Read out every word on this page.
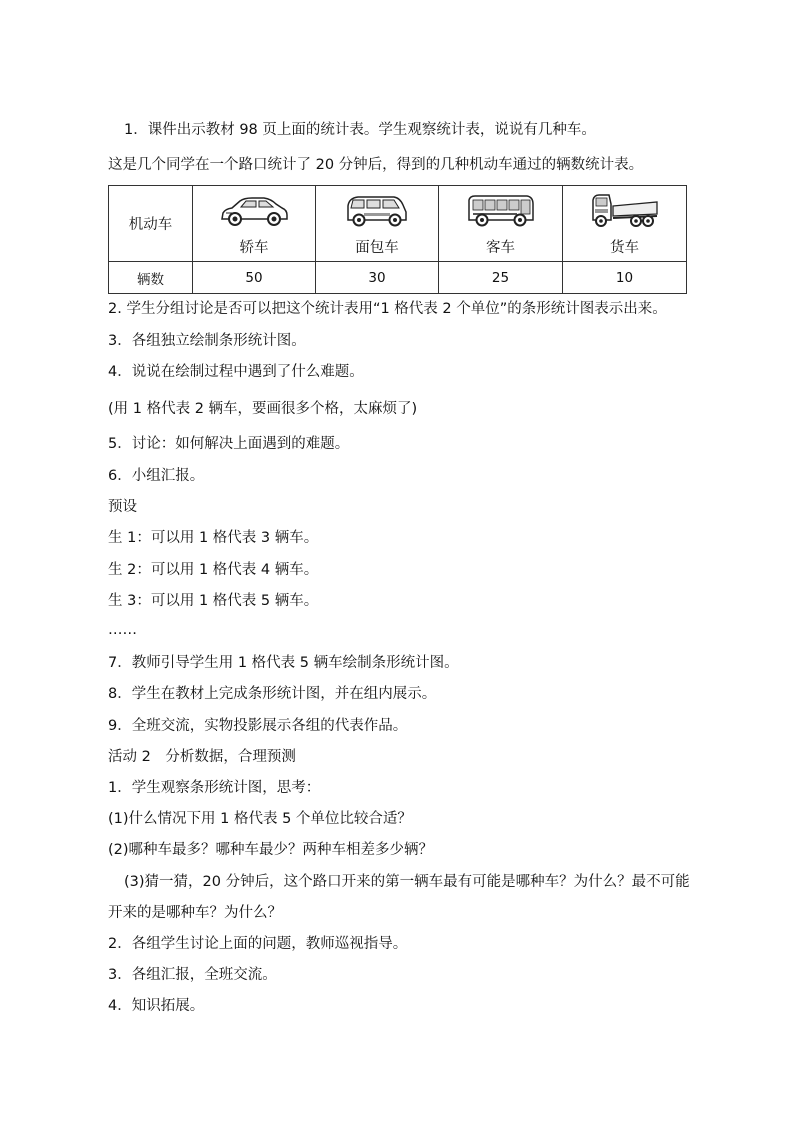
1．课件出示教材 98 页上面的统计表。学生观察统计表，说说有几种车。
这是几个同学在一个路口统计了 20 分钟后，得到的几种机动车通过的辆数统计表。
机动车	轿车	面包车	客车	货车

辆数	50	30	25	10
2. 学生分组讨论是否可以把这个统计表用“1 格代表 2 个单位”的条形统计图表示出来。
3．各组独立绘制条形统计图。
4．说说在绘制过程中遇到了什么难题。
(用 1 格代表 2 辆车，要画很多个格，太麻烦了)
5．讨论：如何解决上面遇到的难题。
6．小组汇报。
预设
生 1：可以用 1 格代表 3 辆车。
生 2：可以用 1 格代表 4 辆车。
生 3：可以用 1 格代表 5 辆车。
……
7．教师引导学生用 1 格代表 5 辆车绘制条形统计图。
8．学生在教材上完成条形统计图，并在组内展示。
9．全班交流，实物投影展示各组的代表作品。
活动 2　分析数据，合理预测
1．学生观察条形统计图，思考：
(1)什么情况下用 1 格代表 5 个单位比较合适？
(2)哪种车最多？哪种车最少？两种车相差多少辆？
(3)猜一猜，20 分钟后，这个路口开来的第一辆车最有可能是哪种车？为什么？最不可能
开来的是哪种车？为什么？
2．各组学生讨论上面的问题，教师巡视指导。
3．各组汇报，全班交流。
4．知识拓展。
